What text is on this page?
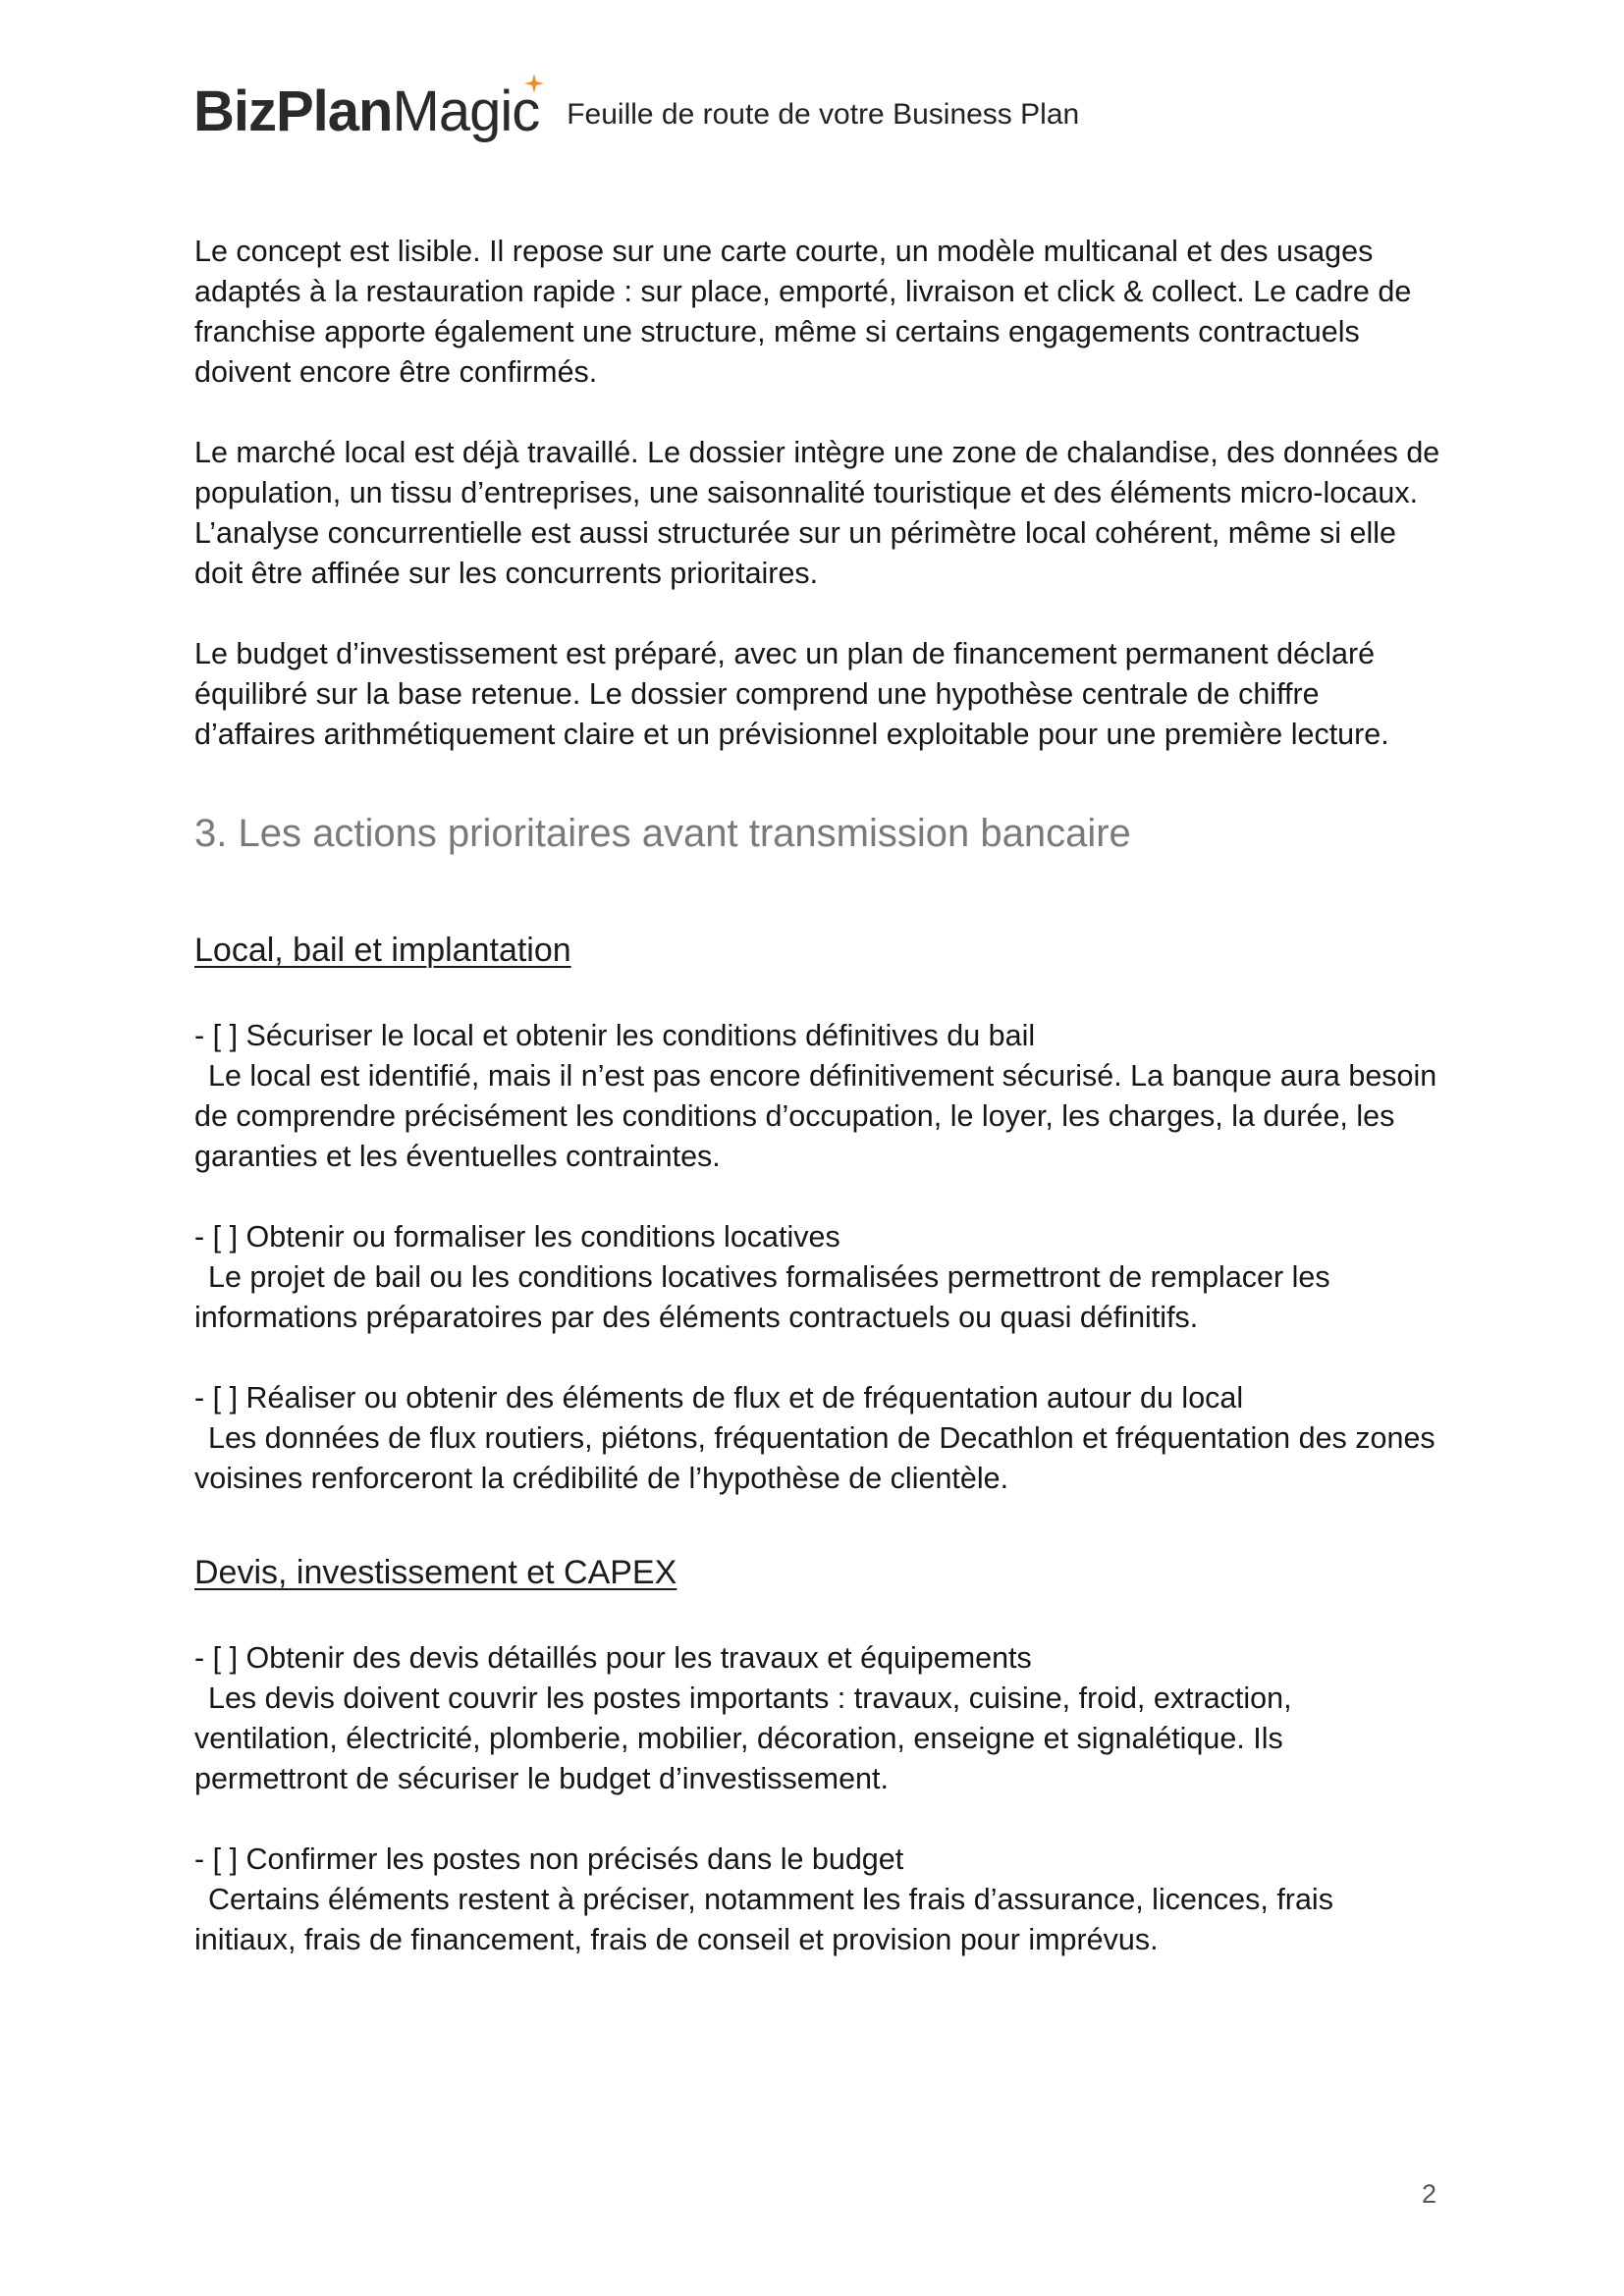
BizPlan Magic Feuille de route de votre Business Plan

Le concept est lisible. Il repose sur une carte courte, un modèle multicanal et des usages adaptés à la restauration rapide : sur place, emporté, livraison et click & collect. Le cadre de franchise apporte également une structure, même si certains engagements contractuels doivent encore être confirmés.

Le marché local est déjà travaillé. Le dossier intègre une zone de chalandise, des données de population, un tissu d’entreprises, une saisonnalité touristique et des éléments micro-locaux. L’analyse concurrentielle est aussi structurée sur un périmètre local cohérent, même si elle doit être affinée sur les concurrents prioritaires.

Le budget d’investissement est préparé, avec un plan de financement permanent déclaré équilibré sur la base retenue. Le dossier comprend une hypothèse centrale de chiffre d’affaires arithmétiquement claire et un prévisionnel exploitable pour une première lecture.

3. Les actions prioritaires avant transmission bancaire
Local, bail et implantation
- [ ] Sécuriser le local et obtenir les conditions définitives du bail
Le local est identifié, mais il n’est pas encore définitivement sécurisé. La banque aura besoin de comprendre précisément les conditions d’occupation, le loyer, les charges, la durée, les garanties et les éventuelles contraintes.
- [ ] Obtenir ou formaliser les conditions locatives
Le projet de bail ou les conditions locatives formalisées permettront de remplacer les informations préparatoires par des éléments contractuels ou quasi définitifs.
- [ ] Réaliser ou obtenir des éléments de flux et de fréquentation autour du local
Les données de flux routiers, piétons, fréquentation de Decathlon et fréquentation des zones voisines renforceront la crédibilité de l’hypothèse de clientèle.
Devis, investissement et CAPEX
- [ ] Obtenir des devis détaillés pour les travaux et équipements
Les devis doivent couvrir les postes importants : travaux, cuisine, froid, extraction, ventilation, électricité, plomberie, mobilier, décoration, enseigne et signalétique. Ils permettront de sécuriser le budget d’investissement.
- [ ] Confirmer les postes non précisés dans le budget
Certains éléments restent à préciser, notamment les frais d’assurance, licences, frais initiaux, frais de financement, frais de conseil et provision pour imprévus.
2
